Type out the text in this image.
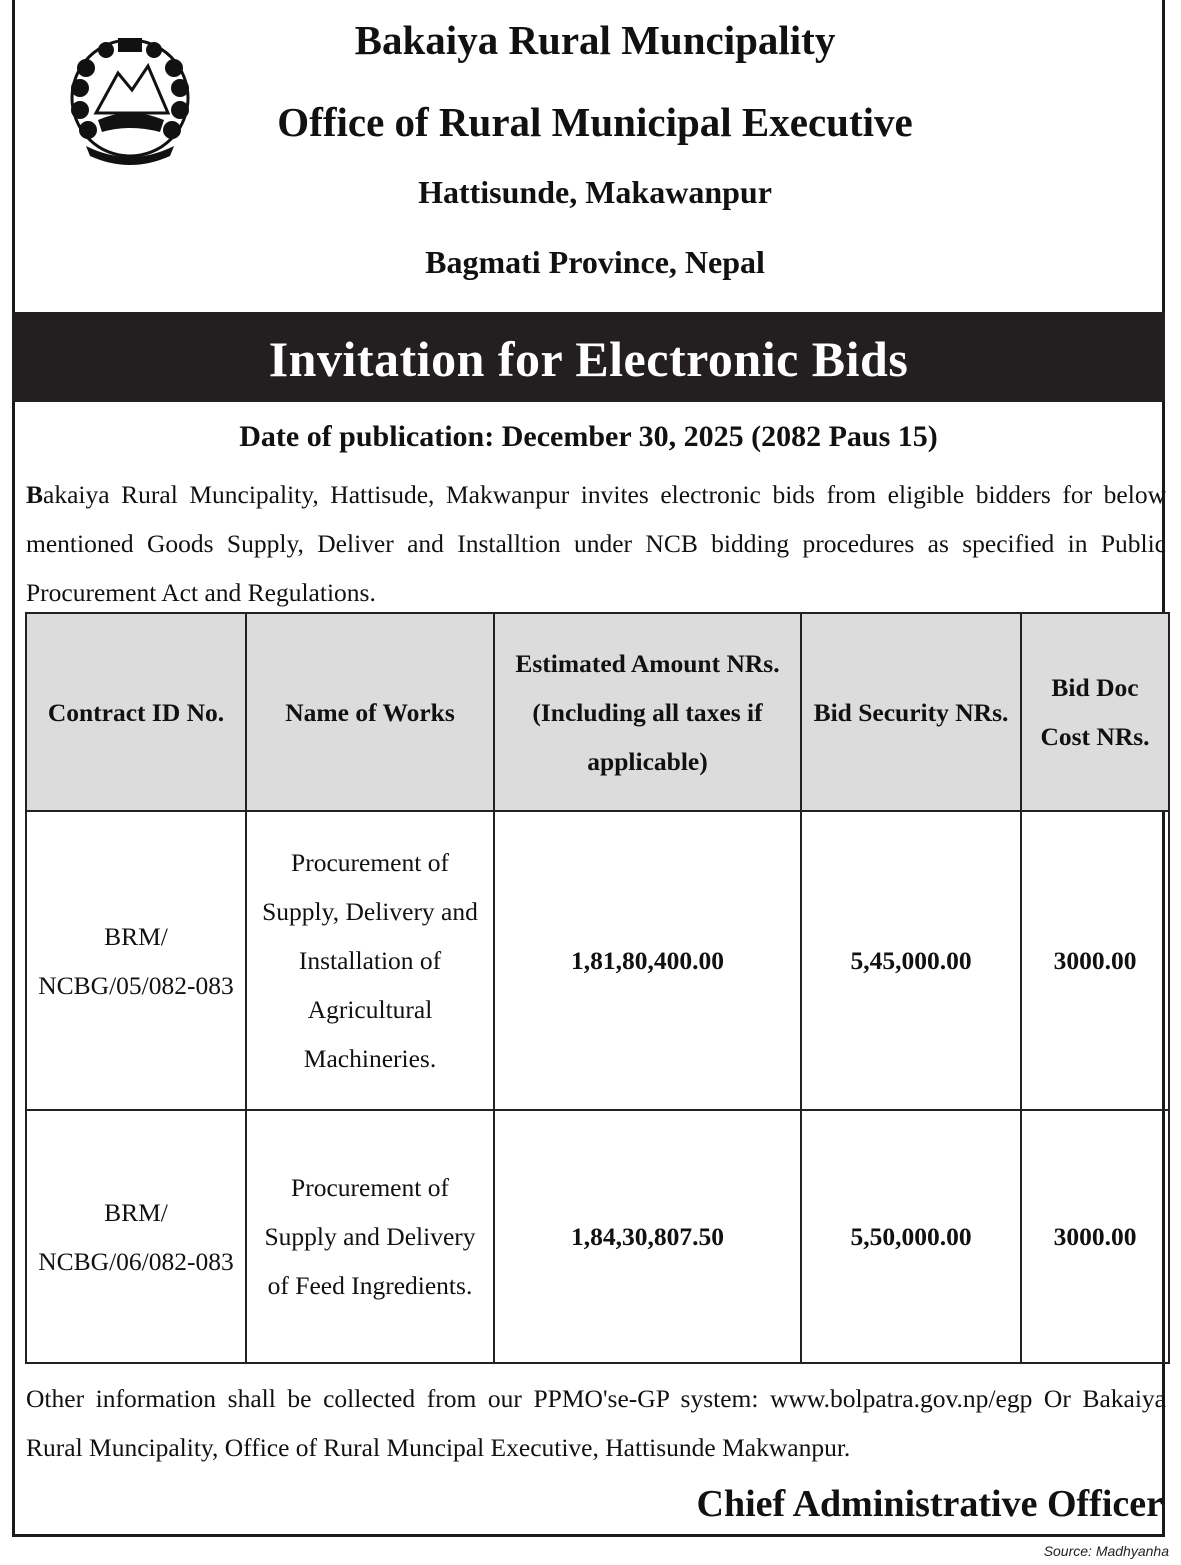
Bakaiya Rural Muncipality
Office of Rural Municipal Executive
Hattisunde, Makawanpur
Bagmati Province, Nepal
Invitation for Electronic Bids
Date of publication: December 30, 2025 (2082 Paus 15)
Bakaiya Rural Muncipality, Hattisude, Makwanpur invites electronic bids from eligible bidders for below mentioned Goods Supply, Deliver and Installtion under NCB bidding procedures as specified in Public Procurement Act and Regulations.
Contract ID No.	Name of Works	Estimated Amount NRs. (Including all taxes if applicable)	Bid Security NRs.	Bid Doc Cost NRs.
BRM/ NCBG/05/082-083	Procurement of Supply, Delivery and Installation of Agricultural Machineries.	1,81,80,400.00	5,45,000.00	3000.00
BRM/ NCBG/06/082-083	Procurement of Supply and Delivery of Feed Ingredients.	1,84,30,807.50	5,50,000.00	3000.00
Other information shall be collected from our PPMO'se-GP system: www.bolpatra.gov.np/egp Or Bakaiya Rural Muncipality, Office of Rural Muncipal Executive, Hattisunde Makwanpur.
Chief Administrative Officer
Source: Madhyanha
